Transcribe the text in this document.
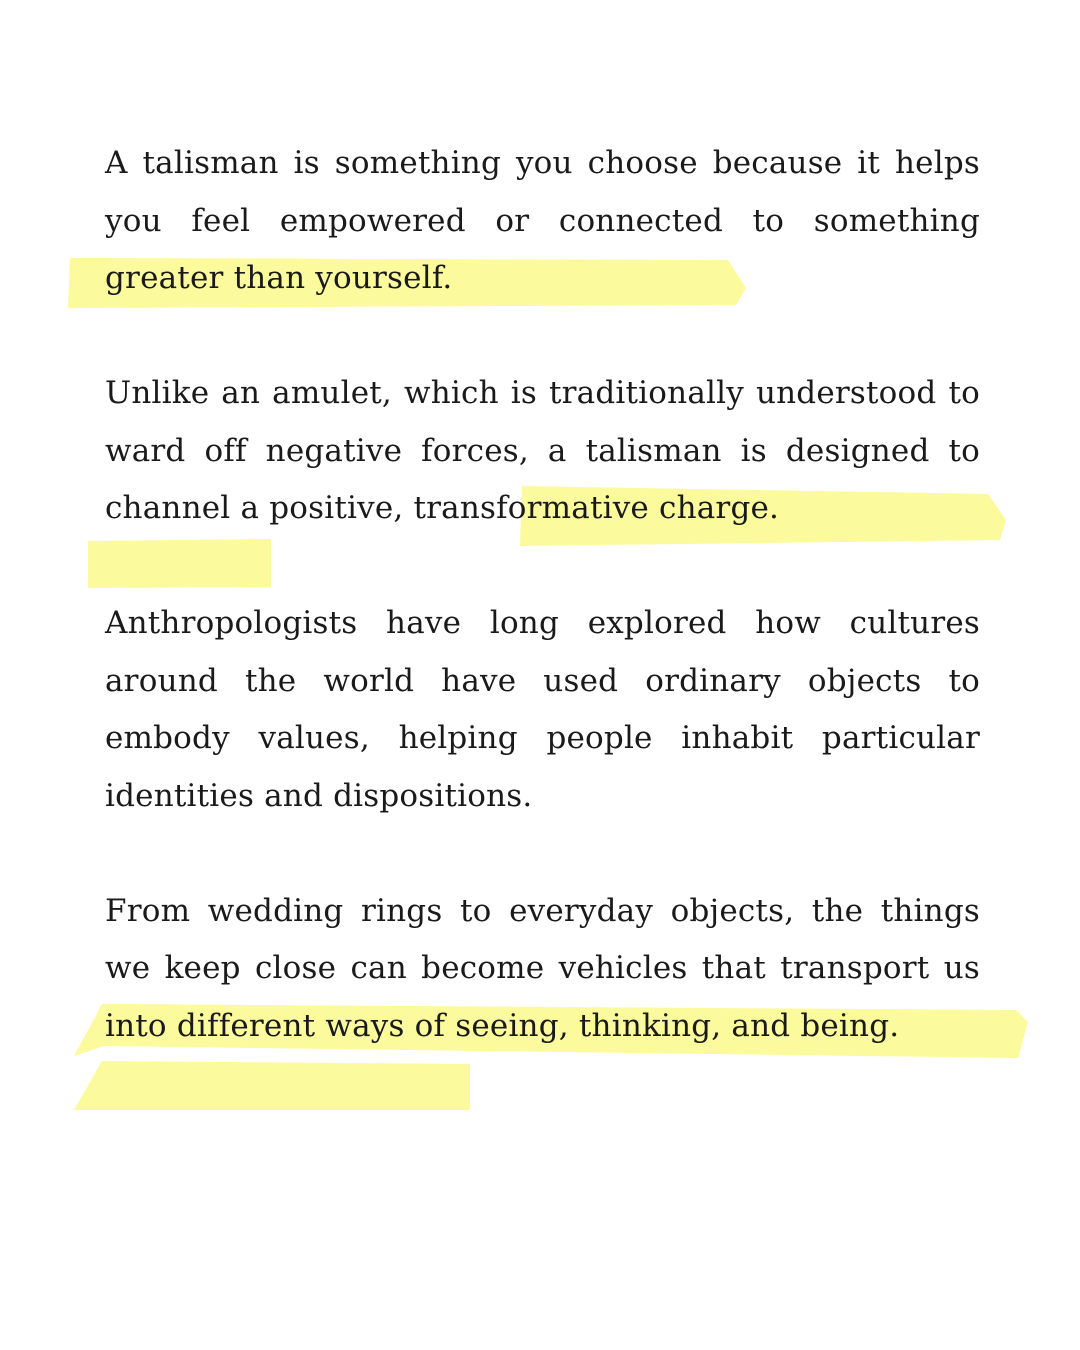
A talisman is something you choose because it helps you feel empowered or connected to something greater than yourself.

Unlike an amulet, which is traditionally understood to ward off negative forces, a talisman is designed to channel a positive, transformative charge.

Anthropologists have long explored how cultures around the world have used ordinary objects to embody values, helping people inhabit particular identities and dispositions.

From wedding rings to everyday objects, the things we keep close can become vehicles that transport us into different ways of seeing, thinking, and being.
